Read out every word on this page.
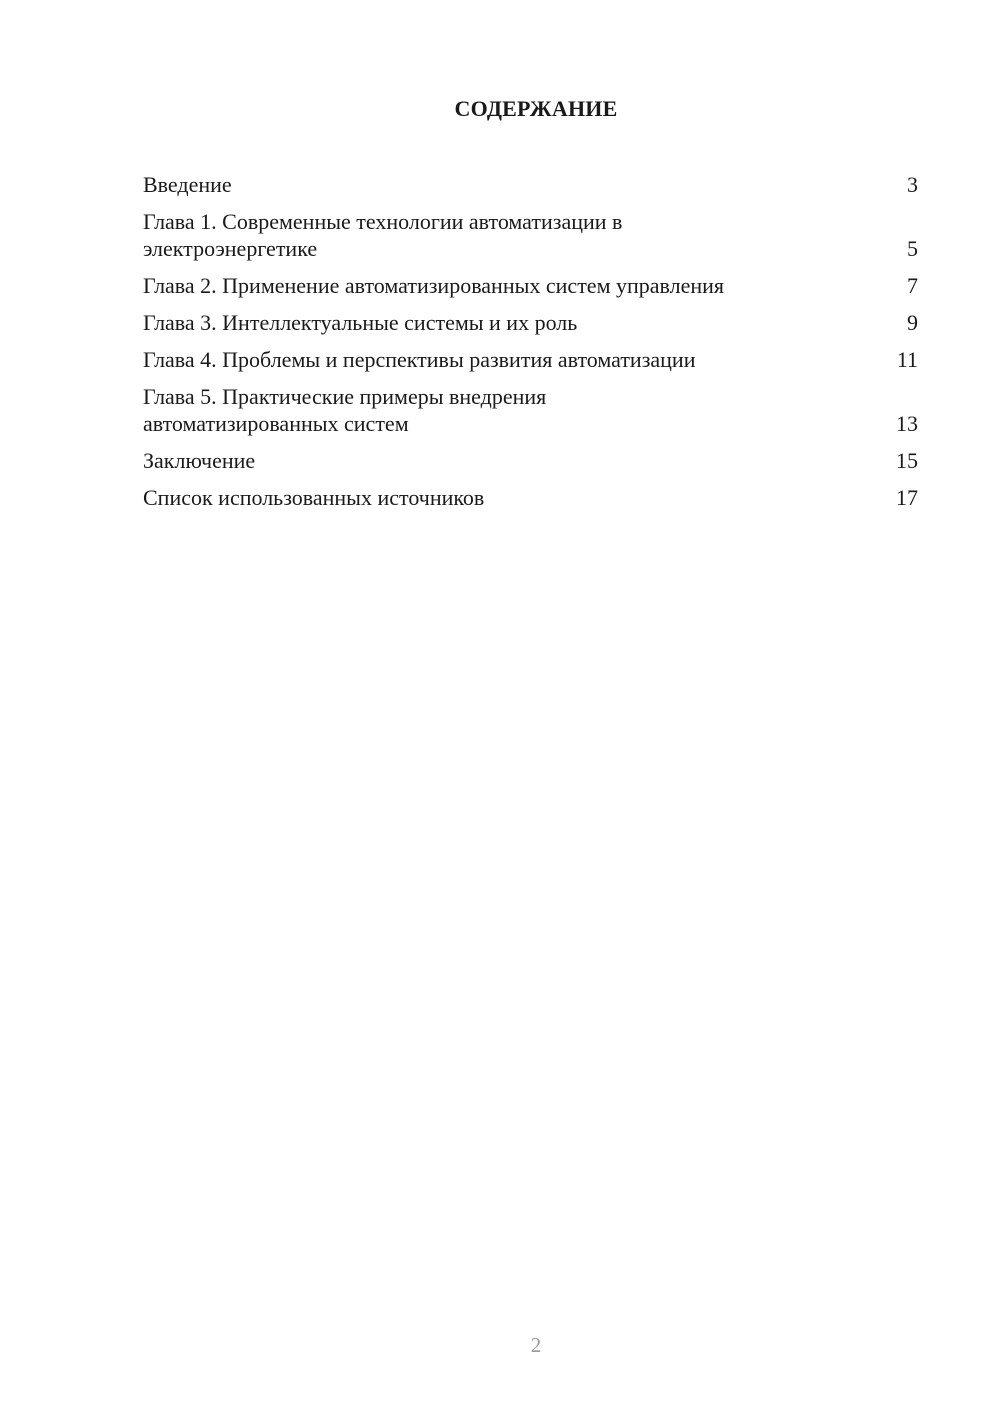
СОДЕРЖАНИЕ
Введение	3
Глава 1. Современные технологии автоматизации в
электроэнергетике	5
Глава 2. Применение автоматизированных систем управления	7
Глава 3. Интеллектуальные системы и их роль	9
Глава 4. Проблемы и перспективы развития автоматизации	11
Глава 5. Практические примеры внедрения
автоматизированных систем	13
Заключение	15
Список использованных источников	17
2
